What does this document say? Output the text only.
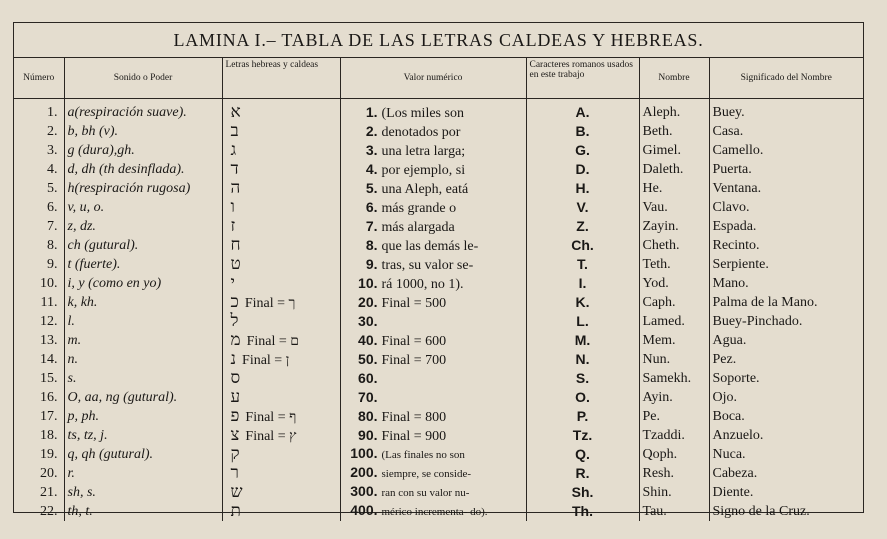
LAMINA I.– TABLA DE LAS LETRAS CALDEAS Y HEBREAS.
Número	Sonido o Poder	Letras hebreas y caldeas	Valor numérico	Caracteres romanos usados en este trabajo	Nombre	Significado del Nombre
1.	a(respiración suave).	א	1. (Los miles son	A.	Aleph.	Buey.
2.	b, bh (v).	ב	2. denotados por	B.	Beth.	Casa.
3.	g (dura),gh.	ג	3. una letra larga;	G.	Gimel.	Camello.
4.	d, dh (th desinflada).	ד	4. por ejemplo, si	D.	Daleth.	Puerta.
5.	h(respiración rugosa)	ה	5. una Aleph, eatá	H.	He.	Ventana.
6.	v, u, o.	ו	6. más grande o	V.	Vau.	Clavo.
7.	z, dz.	ז	7. más alargada	Z.	Zayin.	Espada.
8.	ch (gutural).	ח	8. que las demás le-	Ch.	Cheth.	Recinto.
9.	t (fuerte).	ט	9. tras, su valor se-	T.	Teth.	Serpiente.
10.	i, y (como en yo)	י	10. rá 1000, no 1).	I.	Yod.	Mano.
11.	k, kh.	כ Final = ך	20. Final = 500	K.	Caph.	Palma de la Mano.
12.	l.	ל	30.	L.	Lamed.	Buey-Pinchado.
13.	m.	מ Final = ם	40. Final = 600	M.	Mem.	Agua.
14.	n.	נ Final = ן	50. Final = 700	N.	Nun.	Pez.
15.	s.	ס	60.	S.	Samekh.	Soporte.
16.	O, aa, ng (gutural).	ע	70.	O.	Ayin.	Ojo.
17.	p, ph.	פ Final = ף	80. Final = 800	P.	Pe.	Boca.
18.	ts, tz, j.	צ Final = ץ	90. Final = 900	Tz.	Tzaddi.	Anzuelo.
19.	q, qh (gutural).	ק	100. (Las finales no son	Q.	Qoph.	Nuca.
20.	r.	ר	200. siempre, se conside-	R.	Resh.	Cabeza.
21.	sh, s.	ש	300. ran con su valor nu-	Sh.	Shin.	Diente.
22.	th, t.	ת	400. mérico incrementa- do).	Th.	Tau.	Signo de la Cruz.
